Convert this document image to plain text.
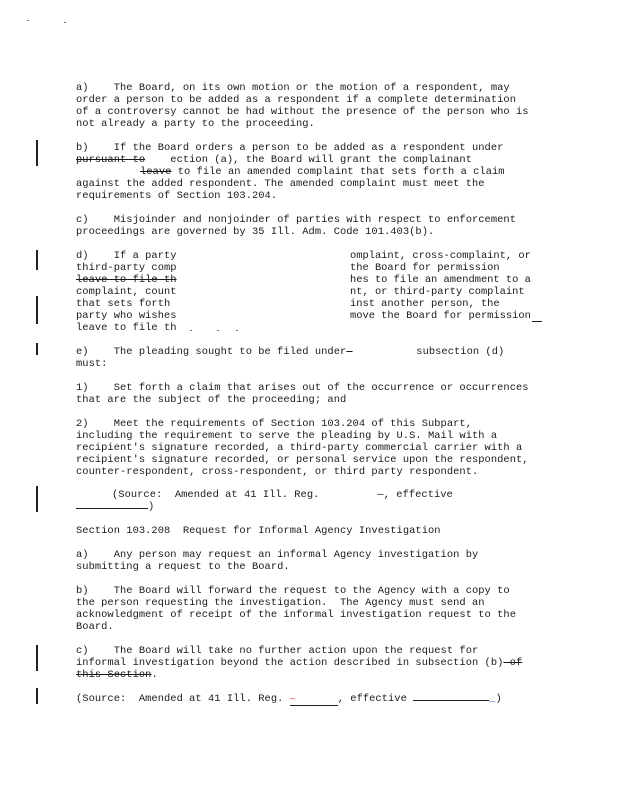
a)    The Board, on its own motion or the motion of a respondent, may
order a person to be added as a respondent if a complete determination
of a controversy cannot be had without the presence of the person who is
not already a party to the proceeding.
b)    If the Board orders a person to be added as a respondent under
pursuant to    ection (a), the Board will grant the complainant
leave to file an amended complaint that sets forth a claim
against the added respondent. The amended complaint must meet the
requirements of Section 103.204.
c)    Misjoinder and nonjoinder of parties with respect to enforcement
proceedings are governed by 35 Ill. Adm. Code 101.403(b).
d)    If a party
third-party comp
leave to file th
complaint, count
that sets forth
party who wishes
leave to file th
omplaint, cross-complaint, or
the Board for permission
hes to file an amendment to a
nt, or third-party complaint
inst another person, the
move the Board for permission
e)    The pleading sought to be filed under	subsection (d)
must:
1)    Set forth a claim that arises out of the occurrence or occurrences
that are the subject of the proceeding; and
2)    Meet the requirements of Section 103.204 of this Subpart,
including the requirement to serve the pleading by U.S. Mail with a
recipient's signature recorded, a third-party commercial carrier with a
recipient's signature recorded, or personal service upon the respondent,
counter-respondent, cross-respondent, or third party respondent.
(Source:  Amended at 41 Ill. Reg.	—, effective
)
Section 103.208  Request for Informal Agency Investigation
a)    Any person may request an informal Agency investigation by
submitting a request to the Board.
b)    The Board will forward the request to the Agency with a copy to
the person requesting the investigation.  The Agency must send an
acknowledgment of receipt of the informal investigation request to the
Board.
c)    The Board will take no further action upon the request for
informal investigation beyond the action described in subsection (b) of
this Section.
(Source:  Amended at 41 Ill. Reg. —	, effective	_)
